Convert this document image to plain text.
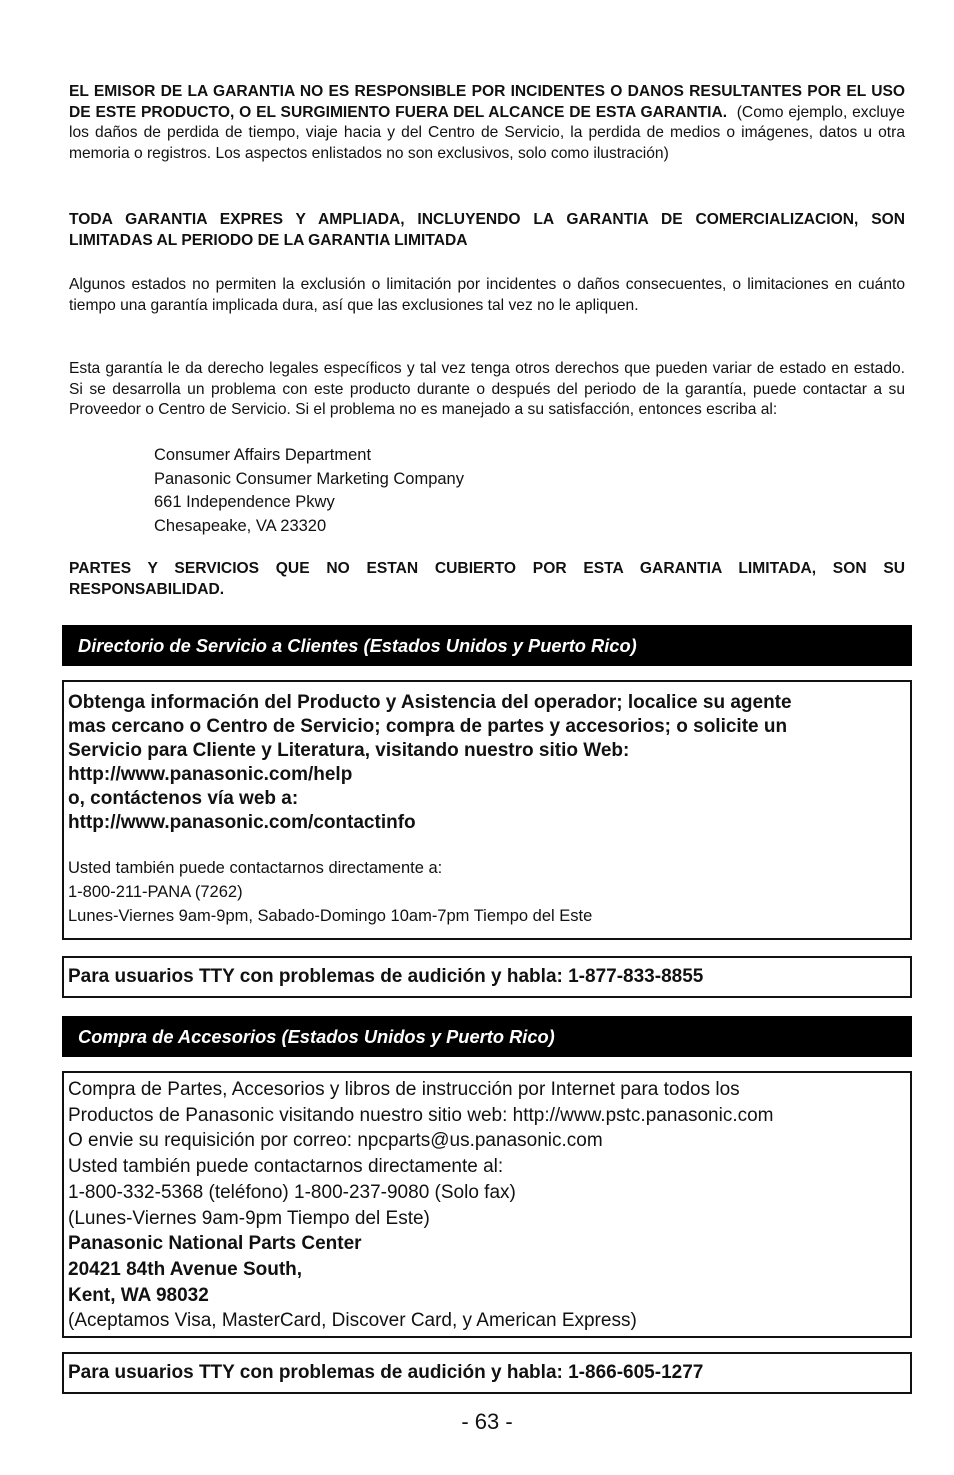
EL EMISOR DE LA GARANTIA NO ES RESPONSIBLE POR INCIDENTES O DANOS RESULTANTES POR EL USO DE ESTE PRODUCTO, O EL SURGIMIENTO FUERA DEL ALCANCE DE ESTA GARANTIA. (Como ejemplo, excluye los daños de perdida de tiempo, viaje hacia y del Centro de Servicio, la perdida de medios o imágenes, datos u otra memoria o registros. Los aspectos enlistados no son exclusivos, solo como ilustración)

TODA GARANTIA EXPRES Y AMPLIADA, INCLUYENDO LA GARANTIA DE COMERCIALIZACION, SON LIMITADAS AL PERIODO DE LA GARANTIA LIMITADA

Algunos estados no permiten la exclusión o limitación por incidentes o daños consecuentes, o limitaciones en cuánto tiempo una garantía implicada dura, así que las exclusiones tal vez no le apliquen.

Esta garantía le da derecho legales específicos y tal vez tenga otros derechos que pueden variar de estado en estado. Si se desarrolla un problema con este producto durante o después del periodo de la garantía, puede contactar a su Proveedor o Centro de Servicio. Si el problema no es manejado a su satisfacción, entonces escriba al:

Consumer Affairs Department
Panasonic Consumer Marketing Company
661 Independence Pkwy
Chesapeake, VA 23320

PARTES Y SERVICIOS QUE NO ESTAN CUBIERTO POR ESTA GARANTIA LIMITADA, SON SU RESPONSABILIDAD.

Directorio de Servicio a Clientes (Estados Unidos y Puerto Rico)
Obtenga información del Producto y Asistencia del operador; localice su agente
mas cercano o Centro de Servicio; compra de partes y accesorios; o solicite un
Servicio para Cliente y Literatura, visitando nuestro sitio Web:
http://www.panasonic.com/help
o, contáctenos vía web a:
http://www.panasonic.com/contactinfo
Usted también puede contactarnos directamente a:
1-800-211-PANA (7262)
Lunes-Viernes 9am-9pm, Sabado-Domingo 10am-7pm Tiempo del Este
Para usuarios TTY con problemas de audición y habla: 1-877-833-8855
Compra de Accesorios (Estados Unidos y Puerto Rico)
Compra de Partes, Accesorios y libros de instrucción por Internet para todos los
Productos de Panasonic visitando nuestro sitio web: http://www.pstc.panasonic.com
O envie su requisición por correo: npcparts@us.panasonic.com
Usted también puede contactarnos directamente al:
1-800-332-5368 (teléfono) 1-800-237-9080 (Solo fax)
(Lunes-Viernes 9am-9pm Tiempo del Este)
Panasonic National Parts Center
20421 84th Avenue South,
Kent, WA 98032
(Aceptamos Visa, MasterCard, Discover Card, y American Express)
Para usuarios TTY con problemas de audición y habla: 1-866-605-1277
- 63 -
